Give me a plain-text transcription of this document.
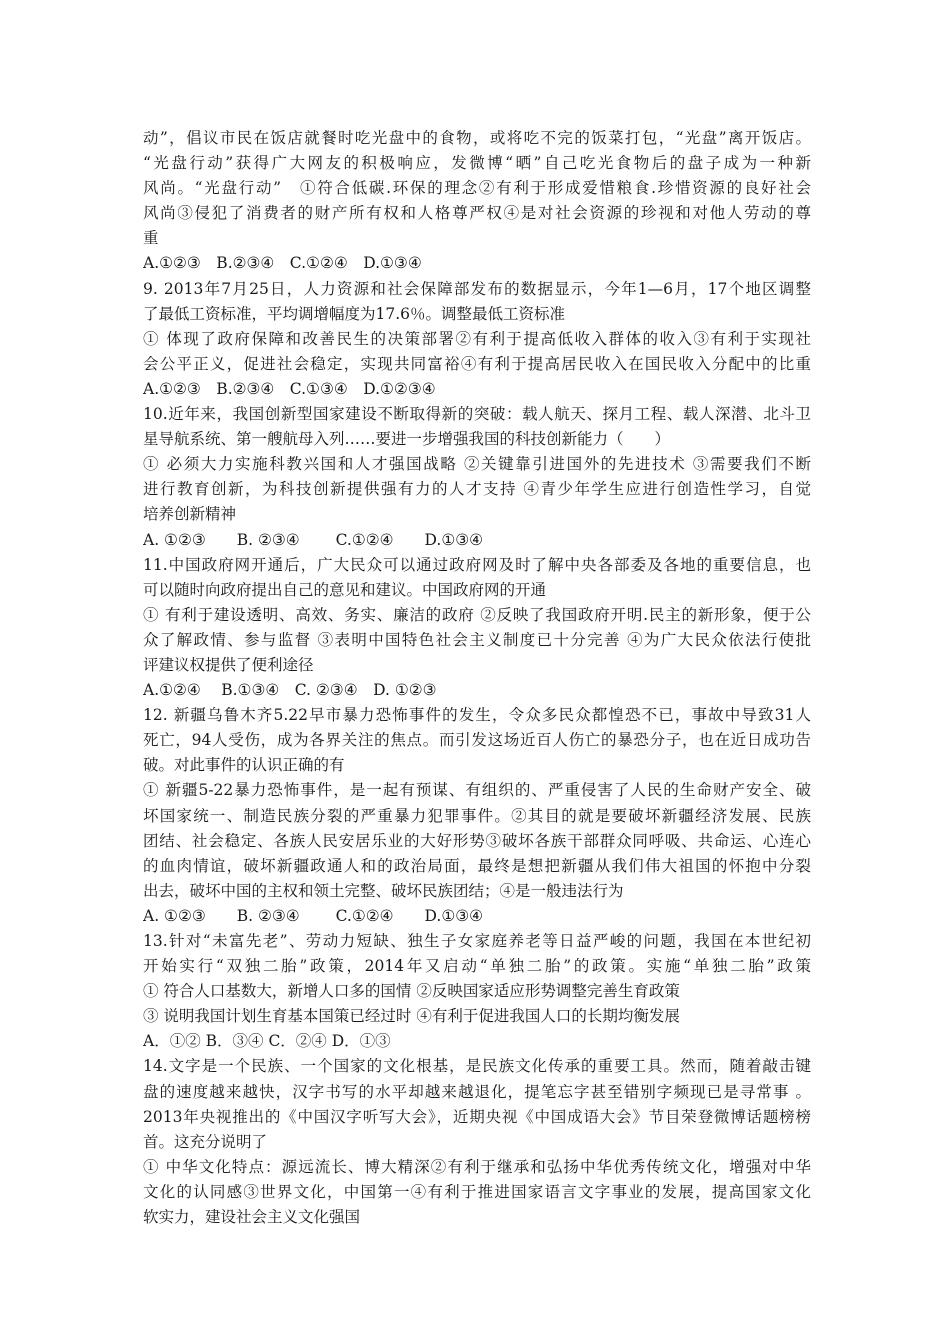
动”，倡议市民在饭店就餐时吃光盘中的食物，或将吃不完的饭菜打包，“光盘”离开饭店。
“光盘行动”获得广大网友的积极响应，发微博“晒”自己吃光食物后的盘子成为一种新
风尚。“光盘行动”　①符合低碳.环保的理念②有利于形成爱惜粮食.珍惜资源的良好社会
风尚③侵犯了消费者的财产所有权和人格尊严权④是对社会资源的珍视和对他人劳动的尊
重
A.①②③　B.②③④　C.①②④　D.①③④
9. 2013年7月25日，人力资源和社会保障部发布的数据显示，今年1—6月，17个地区调整
了最低工资标准，平均调增幅度为17.6％。调整最低工资标准
① 体现了政府保障和改善民生的决策部署②有利于提高低收入群体的收入③有利于实现社
会公平正义，促进社会稳定，实现共同富裕④有利于提高居民收入在国民收入分配中的比重
A.①②③　B.②③④　C.①③④　D.①②③④
10.近年来，我国创新型国家建设不断取得新的突破：载人航天、探月工程、载人深潜、北斗卫
星导航系统、第一艘航母入列……要进一步增强我国的科技创新能力（　　）
① 必须大力实施科教兴国和人才强国战略 ②关键靠引进国外的先进技术 ③需要我们不断
进行教育创新，为科技创新提供强有力的人才支持 ④青少年学生应进行创造性学习，自觉
培养创新精神
A. ①②③　　B. ②③④　　 C.①②④　　D.①③④
11.中国政府网开通后，广大民众可以通过政府网及时了解中央各部委及各地的重要信息，也
可以随时向政府提出自己的意见和建议。中国政府网的开通
① 有利于建设透明、高效、务实、廉洁的政府 ②反映了我国政府开明.民主的新形象，便于公
众了解政情、参与监督 ③表明中国特色社会主义制度已十分完善 ④为广大民众依法行使批
评建议权提供了便利途径
A.①②④　 B.①③④　C. ②③④　D. ①②③
12. 新疆乌鲁木齐5.22早市暴力恐怖事件的发生，令众多民众都惶恐不已，事故中导致31人
死亡，94人受伤，成为各界关注的焦点。而引发这场近百人伤亡的暴恐分子，也在近日成功告
破。对此事件的认识正确的有
① 新疆5-22暴力恐怖事件，是一起有预谋、有组织的、严重侵害了人民的生命财产安全、破
坏国家统一、制造民族分裂的严重暴力犯罪事件。②其目的就是要破坏新疆经济发展、民族
团结、社会稳定、各族人民安居乐业的大好形势③破坏各族干部群众同呼吸、共命运、心连心
的血肉情谊，破坏新疆政通人和的政治局面，最终是想把新疆从我们伟大祖国的怀抱中分裂
出去，破坏中国的主权和领土完整、破坏民族团结；④是一般违法行为
A. ①②③　　B. ②③④　　 C.①②④　　D.①③④
13.针对“未富先老”、劳动力短缺、独生子女家庭养老等日益严峻的问题，我国在本世纪初
开始实行“双独二胎”政策，2014年又启动“单独二胎”的政策。实施“单独二胎”政策
① 符合人口基数大，新增人口多的国情 ②反映国家适应形势调整完善生育政策
③ 说明我国计划生育基本国策已经过时 ④有利于促进我国人口的长期均衡发展
A．①② B．③④ C．②④ D．①③
14.文字是一个民族、一个国家的文化根基，是民族文化传承的重要工具。然而，随着敲击键
盘的速度越来越快，汉字书写的水平却越来越退化，提笔忘字甚至错别字频现已是寻常事 。
2013年央视推出的《中国汉字听写大会》，近期央视《中国成语大会》节目荣登微博话题榜榜
首。这充分说明了
① 中华文化特点：源远流长、博大精深②有利于继承和弘扬中华优秀传统文化，增强对中华
文化的认同感③世界文化，中国第一④有利于推进国家语言文字事业的发展，提高国家文化
软实力，建设社会主义文化强国
